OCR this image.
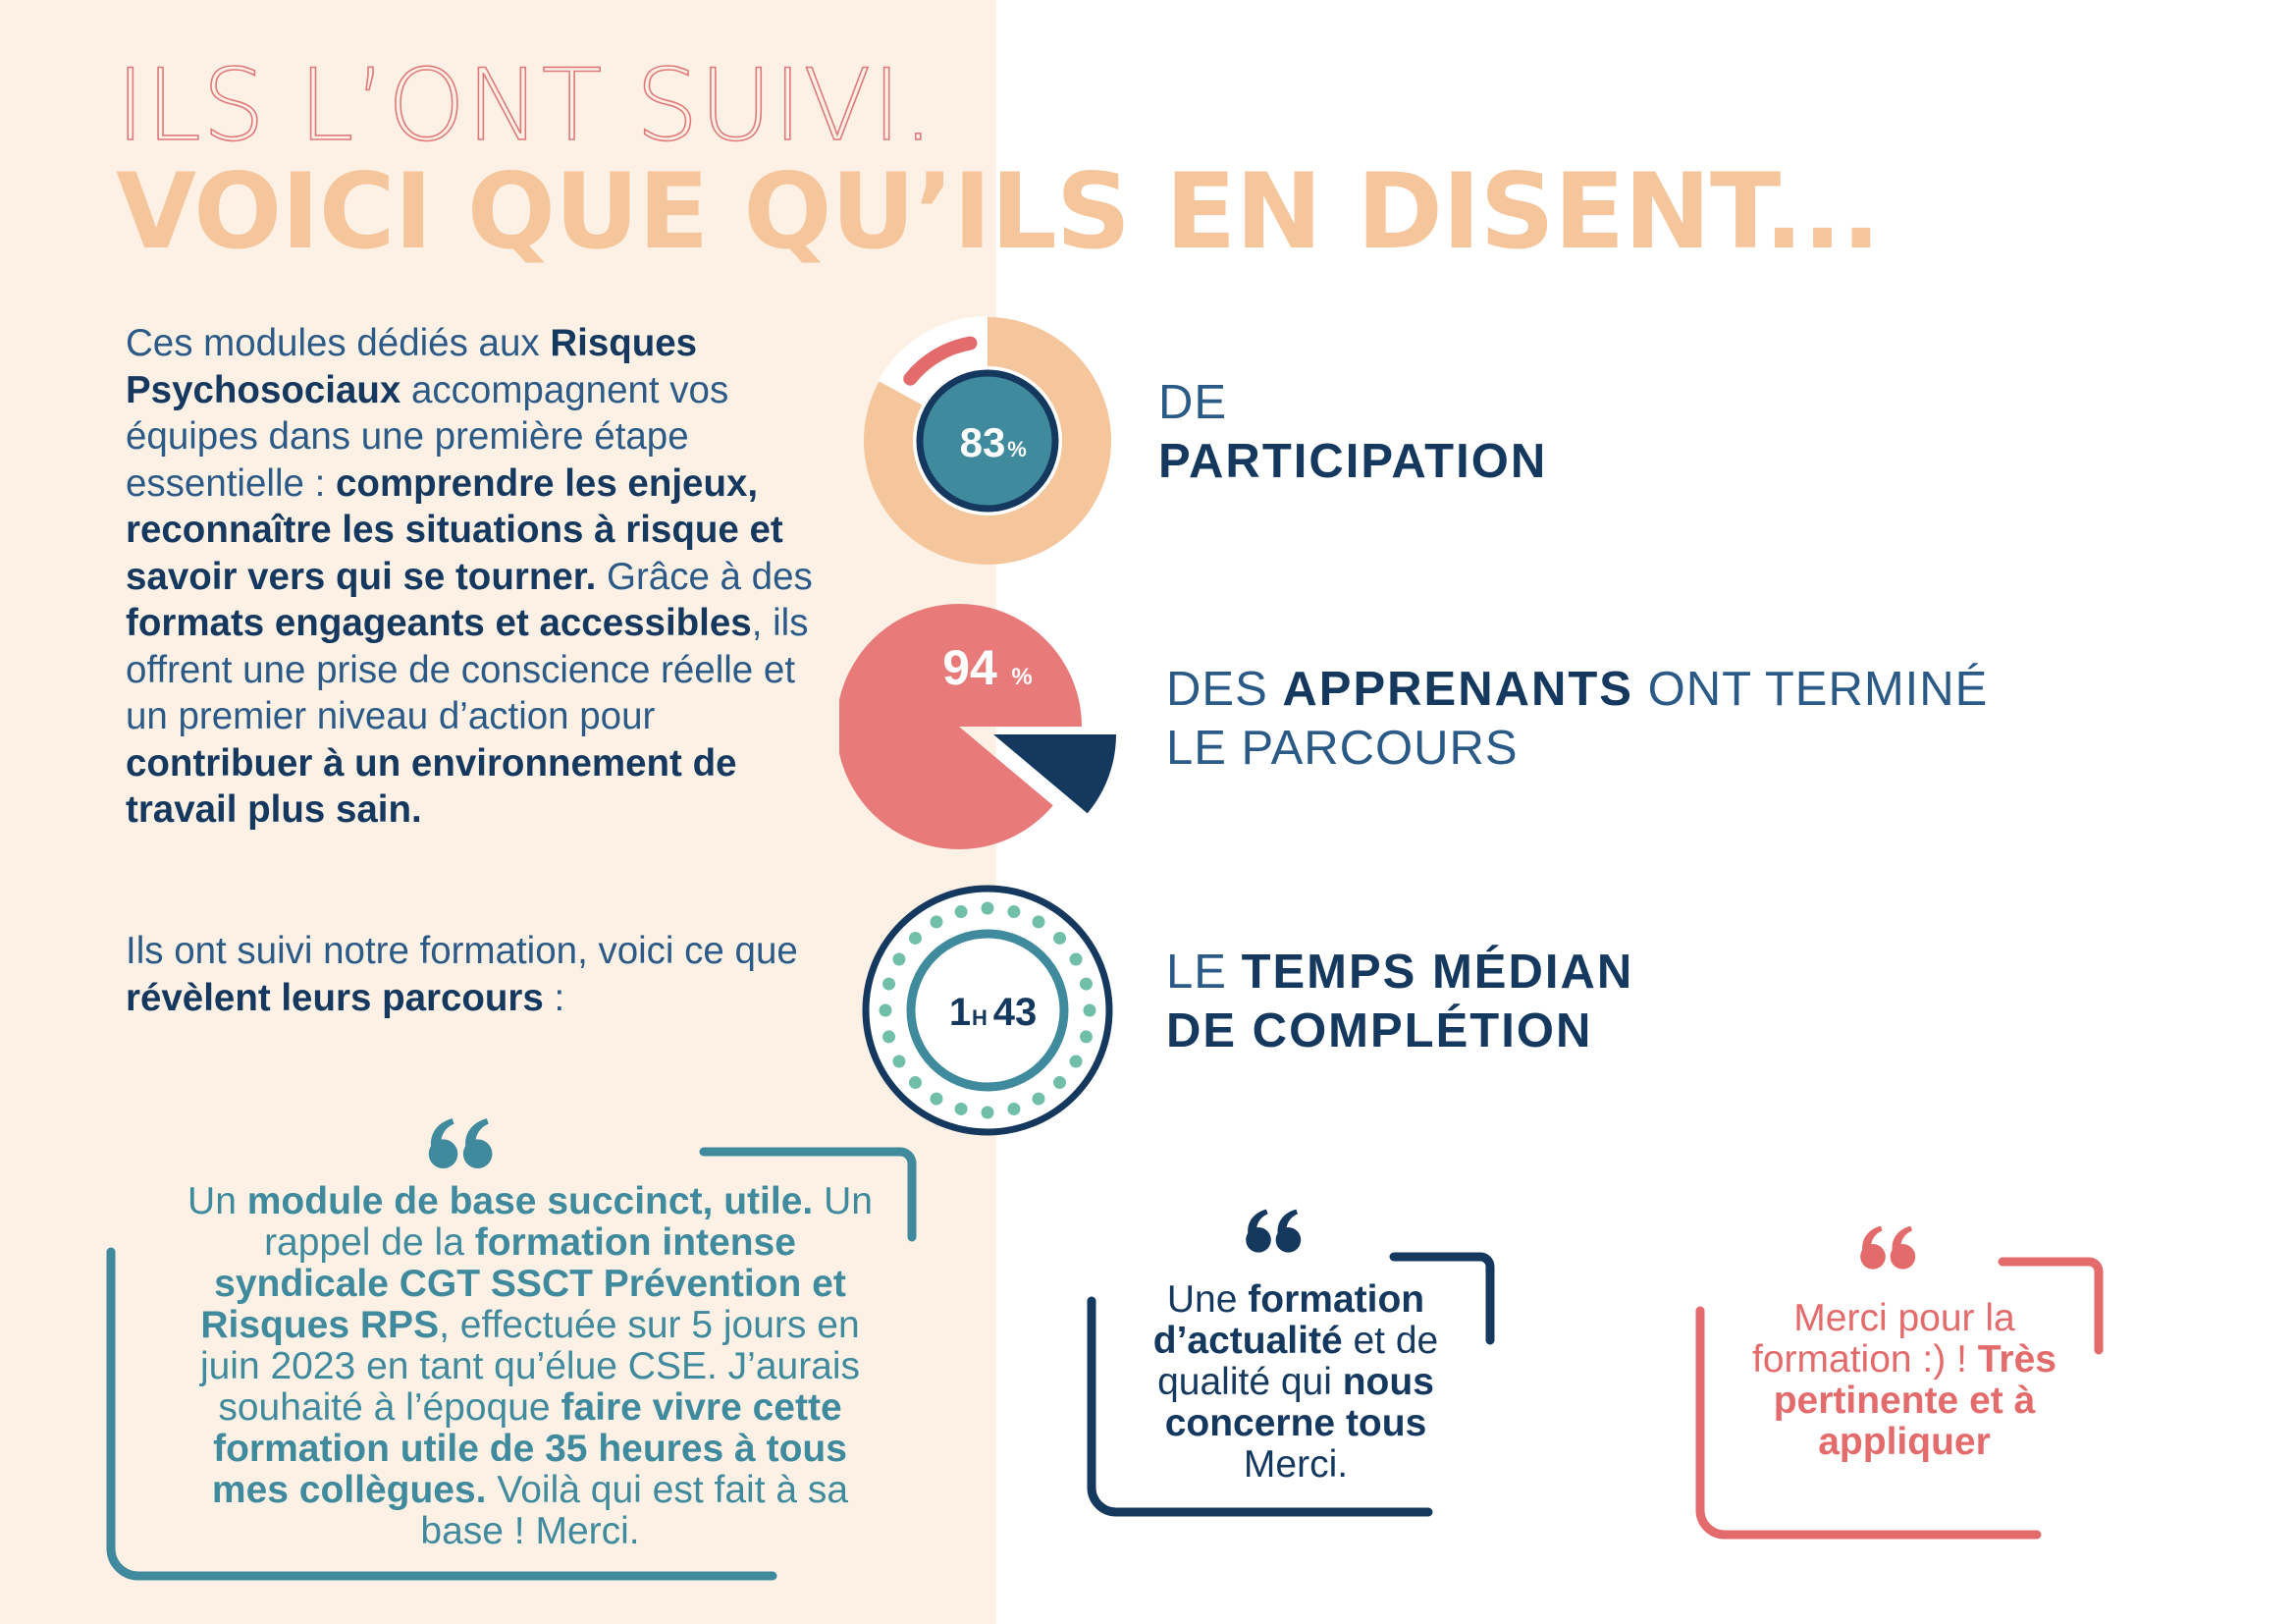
ILS L’ONT SUIVI.
VOICI QUE QU’ILS EN DISENT...

Ces modules dédiés aux Risques Psychosociaux accompagnent vos équipes dans une première étape essentielle : comprendre les enjeux, reconnaître les situations à risque et savoir vers qui se tourner. Grâce à des formats engageants et accessibles, ils offrent une prise de conscience réelle et un premier niveau d’action pour contribuer à un environnement de travail plus sain.

Ils ont suivi notre formation, voici ce que révèlent leurs parcours :

83 %
DE
PARTICIPATION
94 %	DES APPRENANTS ONT TERMINÉ LE PARCOURS
1 H 43
LE TEMPS MÉDIAN
DE COMPLÉTION

Un module de base succinct, utile. Un rappel de la formation intense syndicale CGT SSCT Prévention et Risques RPS, effectuée sur 5 jours en juin 2023 en tant qu’élue CSE. J’aurais souhaité à l’époque faire vivre cette formation utile de 35 heures à tous mes collègues. Voilà qui est fait à sa base ! Merci.

Une formation d’actualité et de qualité qui nous concerne tous Merci.

Merci pour la formation :) ! Très pertinente et à appliquer
